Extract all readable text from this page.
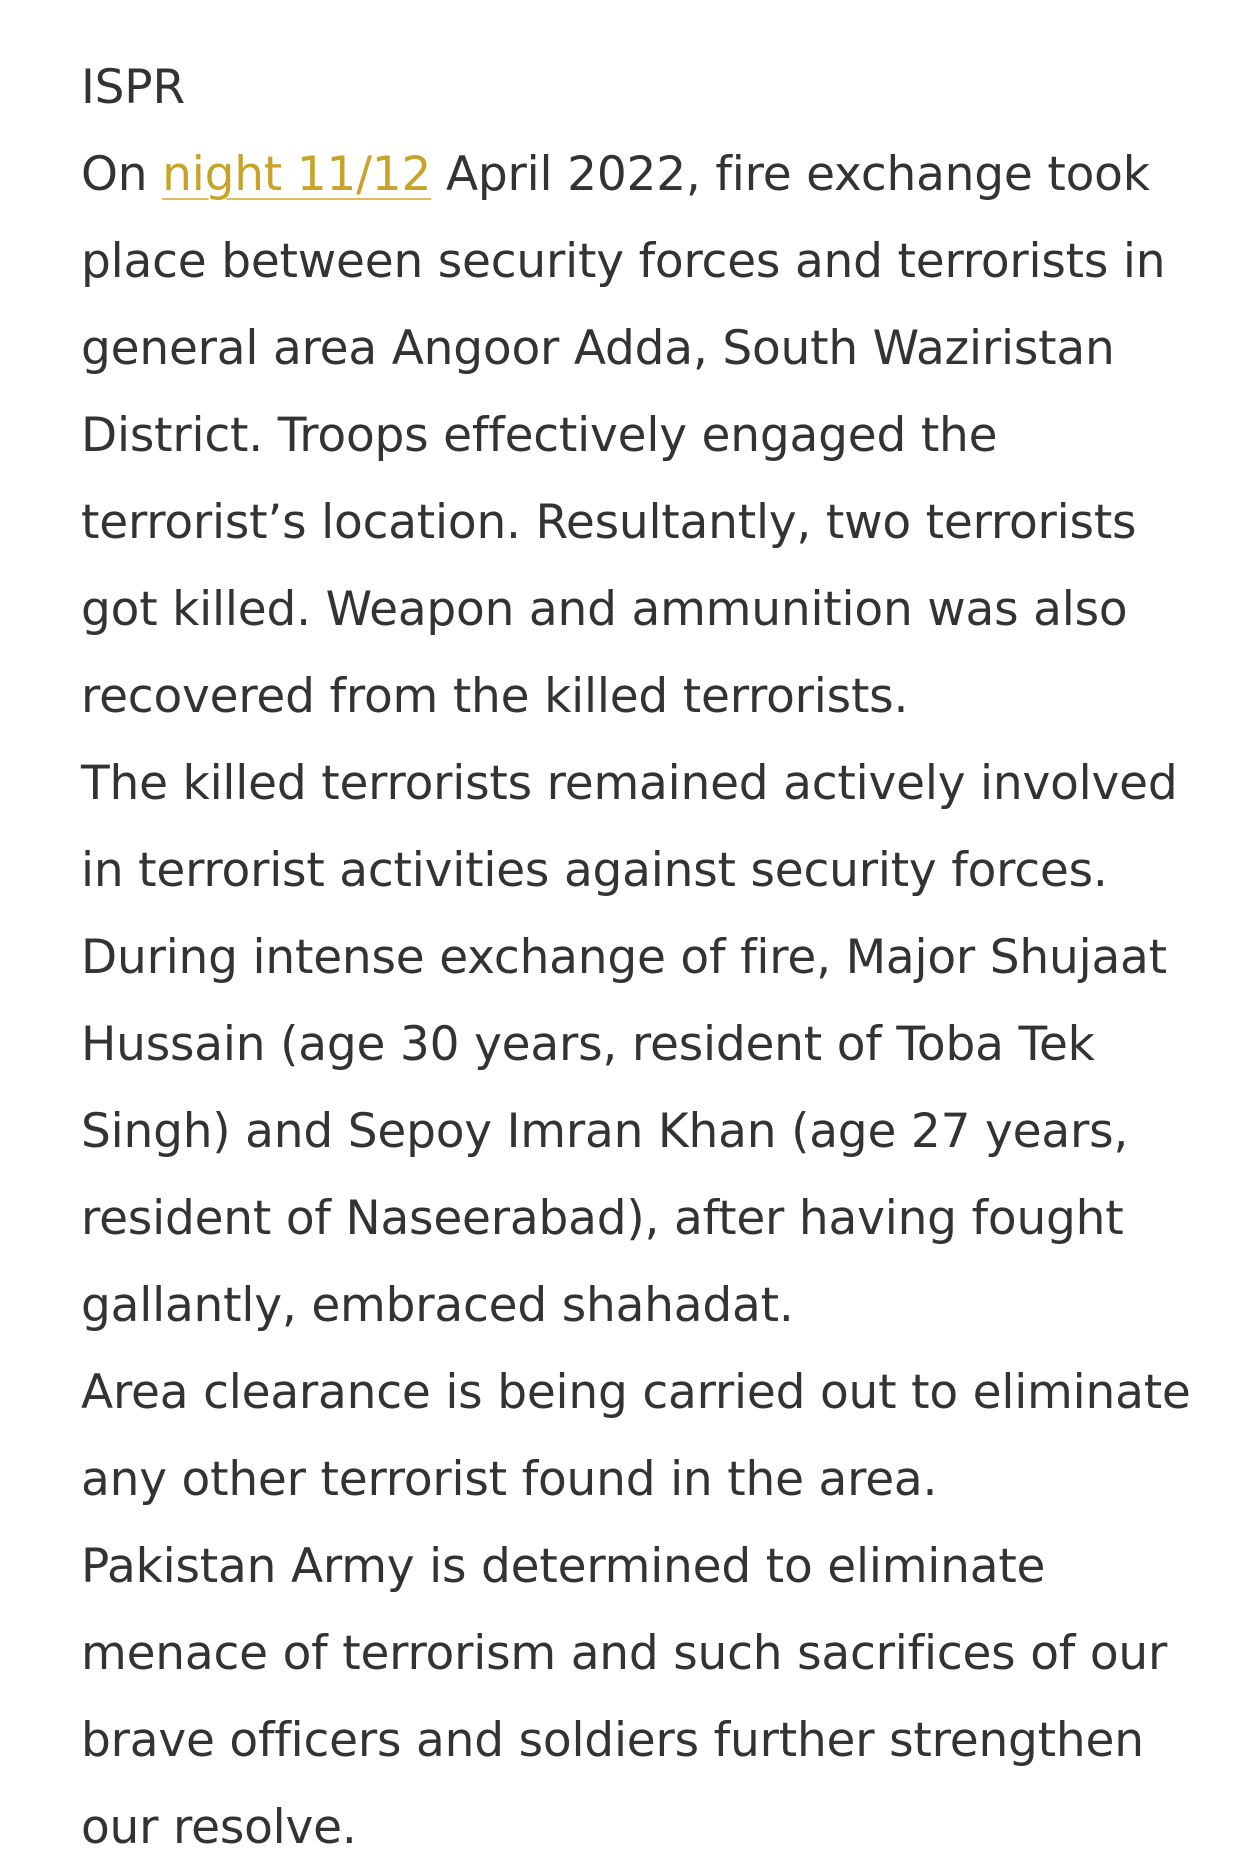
ISPR

On night 11/12 April 2022, fire exchange took place between security forces and terrorists in general area Angoor Adda, South Waziristan District. Troops effectively engaged the terrorist’s location. Resultantly, two terrorists got killed. Weapon and ammunition was also recovered from the killed terrorists.

The killed terrorists remained actively involved in terrorist activities against security forces.

During intense exchange of fire, Major Shujaat Hussain (age 30 years, resident of Toba Tek Singh) and Sepoy Imran Khan (age 27 years, resident of Naseerabad), after having fought gallantly, embraced shahadat.

Area clearance is being carried out to eliminate any other terrorist found in the area.

Pakistan Army is determined to eliminate menace of terrorism and such sacrifices of our brave officers and soldiers further strengthen our resolve.
